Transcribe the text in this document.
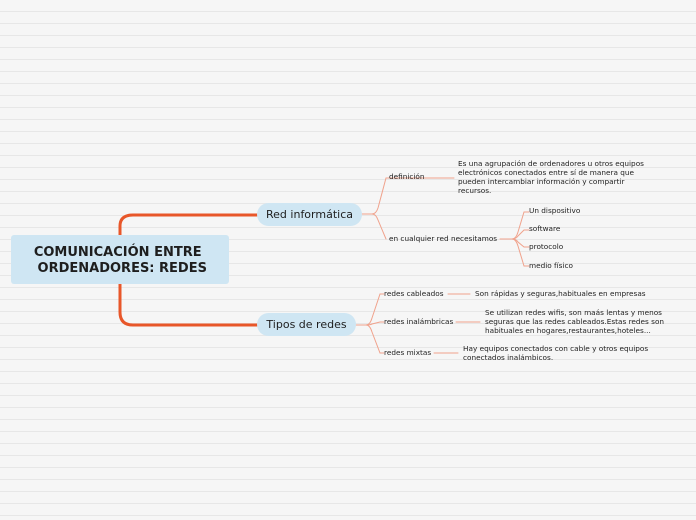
COMUNICACIÓN ENTRE
ORDENADORES: REDES
Red informática
Tipos de redes
definición
Es una agrupación de ordenadores u otros equipos electrónicos conectados entre sí de manera que pueden intercambiar información y compartir recursos.
en cualquier red necesitamos
Un dispositivo
software
protocolo
medio físico
redes cableados	Son rápidas y seguras,habituales en empresas
redes inalámbricas
Se utilizan redes wifis, son maás lentas y menos seguras que las redes cableados.Estas redes son habituales en hogares,restaurantes,hoteles...
redes mixtas	Hay equipos conectados con cable y otros equipos conectados inalámbicos.
